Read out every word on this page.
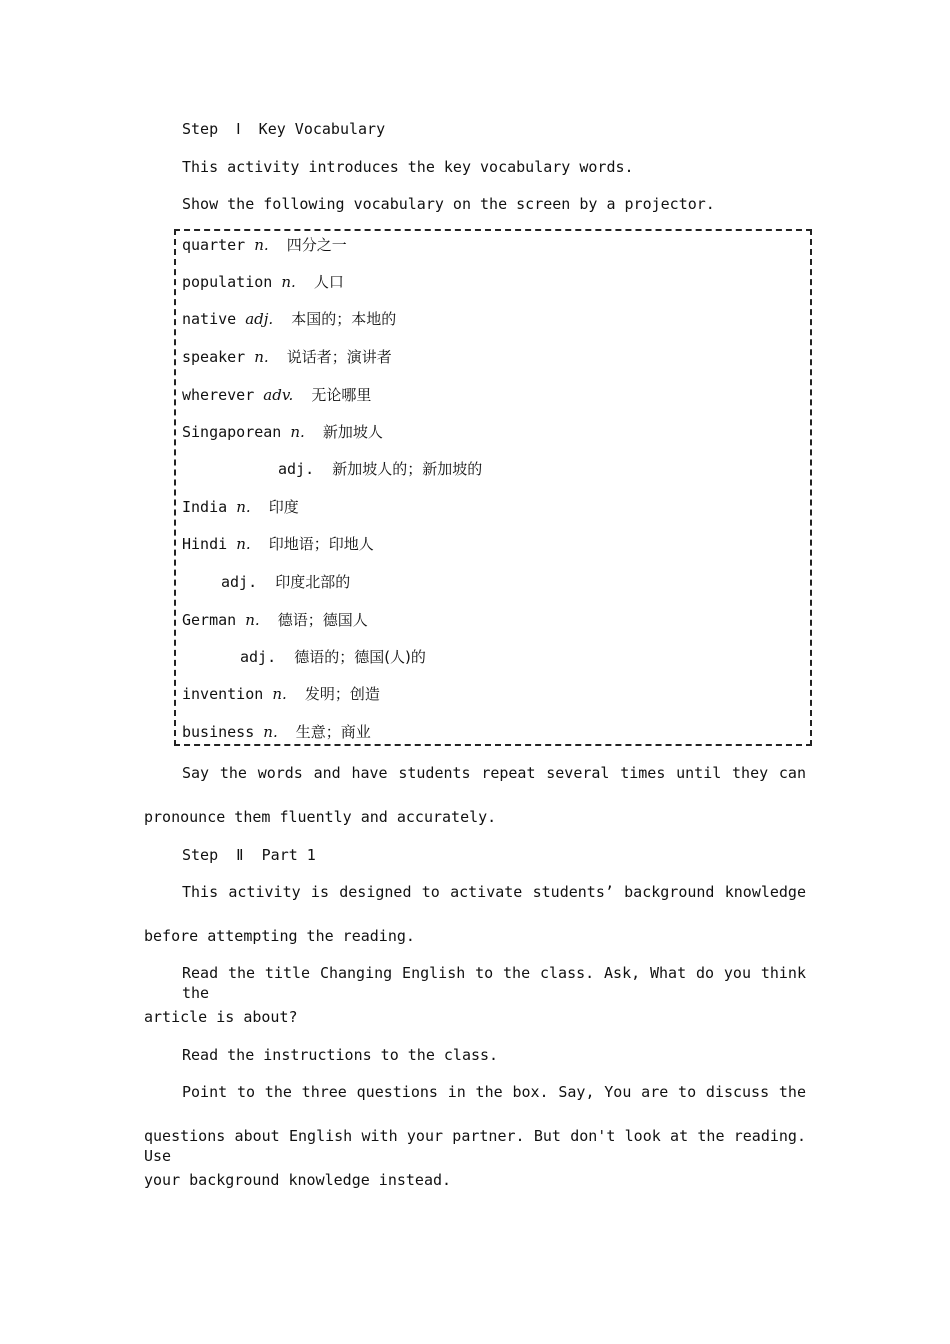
Step  Ⅰ  Key Vocabulary
This activity introduces the key vocabulary words.
Show the following vocabulary on the screen by a projector.
quarter n. 四分之一
population n. 人口
native adj. 本国的；本地的
speaker n. 说话者；演讲者
wherever adv. 无论哪里
Singaporean n. 新加坡人
adj. 新加坡人的；新加坡的
India n. 印度
Hindi n. 印地语；印地人
adj. 印度北部的
German n. 德语；德国人
adj. 德语的；德国(人)的
invention n. 发明；创造
business n. 生意；商业
Say the words and have students repeat several times until they can
pronounce them fluently and accurately.
Step  Ⅱ  Part 1
This activity is designed to activate students’ background knowledge
before attempting the reading.
Read the title Changing English to the class. Ask, What do you think the
article is about?
Read the instructions to the class.
Point to the three questions in the box. Say, You are to discuss the
questions about English with your partner. But don't look at the reading. Use
your background knowledge instead.
